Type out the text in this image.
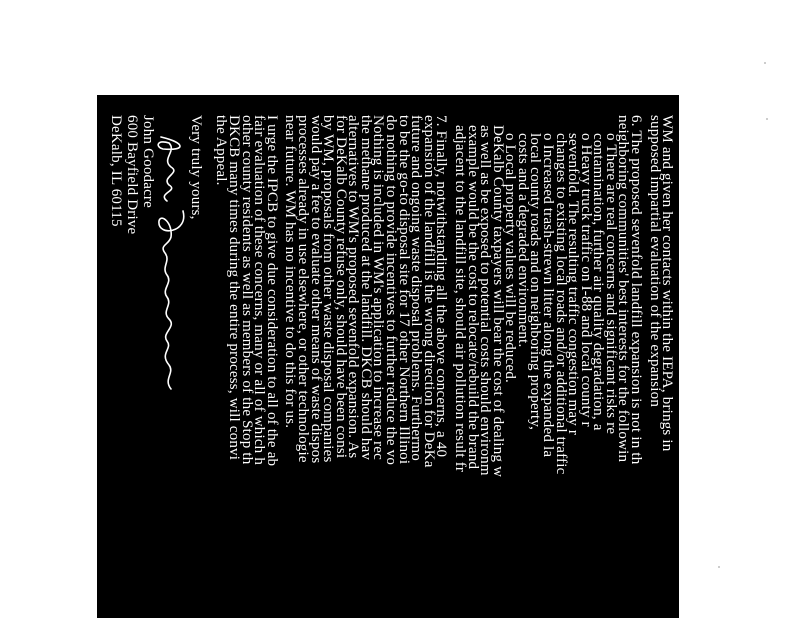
WM and given her contacts within the IEPA, brings in
supposed impartial evaluation of the expansion
6. The proposed sevenfold landfill expansion is not in th
neighboring communities' best interests for the followin
o There are real concerns and significant risks re
contamination, further air quality degradation, a
o Heavy truck traffic on I-88 and local county r
sevenfold. The resulting traffic congestion may r
changes to existing local roads and/or additional traffic
o Increased trash-strewn litter along the expanded la
local county roads and on neighboring property,
costs and a degraded environment.
o Local property values will be reduced.
DeKalb County taxpayers will bear the cost of dealing w
as well as be exposed to potential costs should environm
example would be the cost to relocate/rebuild the brand
adjacent to the landfill site, should air pollution result fr
7. Finally, notwithstanding all the above concerns, a 40
expansion of the landfill is the wrong direction for DeKa
future and ongoing waste disposal problems. Furthermo
to be the go-to disposal site for 17 other Northern Illinoi
do nothing to provide incentives to further reduce the vo
Nothing is included in WM's application to increase rec
the methane produced at the landfill. DKCB should hav
alternatives to WM's proposed sevenfold expansion. As
for DeKalb County refuse only, should have been consi
by WM, proposals from other waste disposal companies
would pay a fee to evaluate other means of waste dispos
processes already in use elsewhere, or other technologie
near future. WM has no incentive to do this for us.
I urge the IPCB to give due consideration to all of the ab
fair evaluation of these concerns, many or all of which h
other county residents as well as members of the Stop th
DKCB many times during the entire process, will convi
the Appeal.
Very truly yours,
John Goodacre
600 Bayfield Drive
DeKalb, IL 60115
